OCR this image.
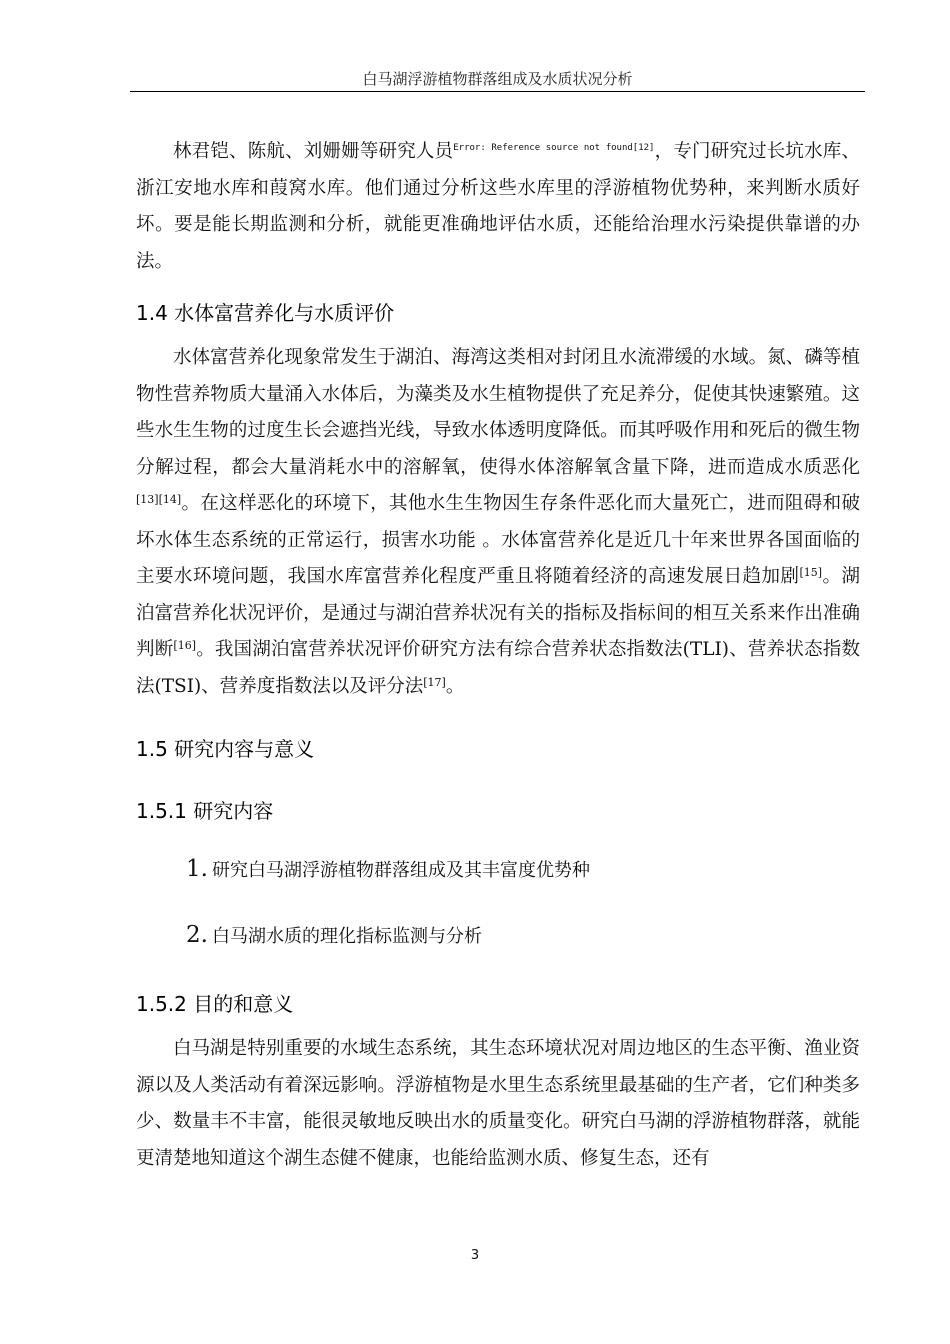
白马湖浮游植物群落组成及水质状况分析

林君铠、陈航、刘姗姗等研究人员$^{Error: Reference source not found[12]}$，专门研究过长坑水库、浙江安地水库和葭窝水库。他们通过分析这些水库里的浮游植物优势种，来判断水质好坏。要是能长期监测和分析，就能更准确地评估水质，还能给治理水污染提供靠谱的办法。

1.4 水体富营养化与水质评价

水体富营养化现象常发生于湖泊、海湾这类相对封闭且水流滞缓的水域。氮、磷等植物性营养物质大量涌入水体后，为藻类及水生植物提供了充足养分，促使其快速繁殖。这些水生生物的过度生长会遮挡光线，导致水体透明度降低。而其呼吸作用和死后的微生物分解过程，都会大量消耗水中的溶解氧，使得水体溶解氧含量下降，进而造成水质恶化[13][14]。在这样恶化的环境下，其他水生生物因生存条件恶化而大量死亡，进而阻碍和破坏水体生态系统的正常运行，损害水功能 。水体富营养化是近几十年来世界各国面临的主要水环境问题，我国水库富营养化程度严重且将随着经济的高速发展日趋加剧[15]。湖泊富营养化状况评价，是通过与湖泊营养状况有关的指标及指标间的相互关系来作出准确判断[16]。我国湖泊富营养状况评价研究方法有综合营养状态指数法(TLI)、营养状态指数法(TSI)、营养度指数法以及评分法[17]。

1.5 研究内容与意义
1.5.1 研究内容
1. 研究白马湖浮游植物群落组成及其丰富度优势种
2. 白马湖水质的理化指标监测与分析
1.5.2 目的和意义

白马湖是特别重要的水域生态系统，其生态环境状况对周边地区的生态平衡、渔业资源以及人类活动有着深远影响。浮游植物是水里生态系统里最基础的生产者，它们种类多少、数量丰不丰富，能很灵敏地反映出水的质量变化。研究白马湖的浮游植物群落，就能更清楚地知道这个湖生态健不健康，也能给监测水质、修复生态，还有

3
